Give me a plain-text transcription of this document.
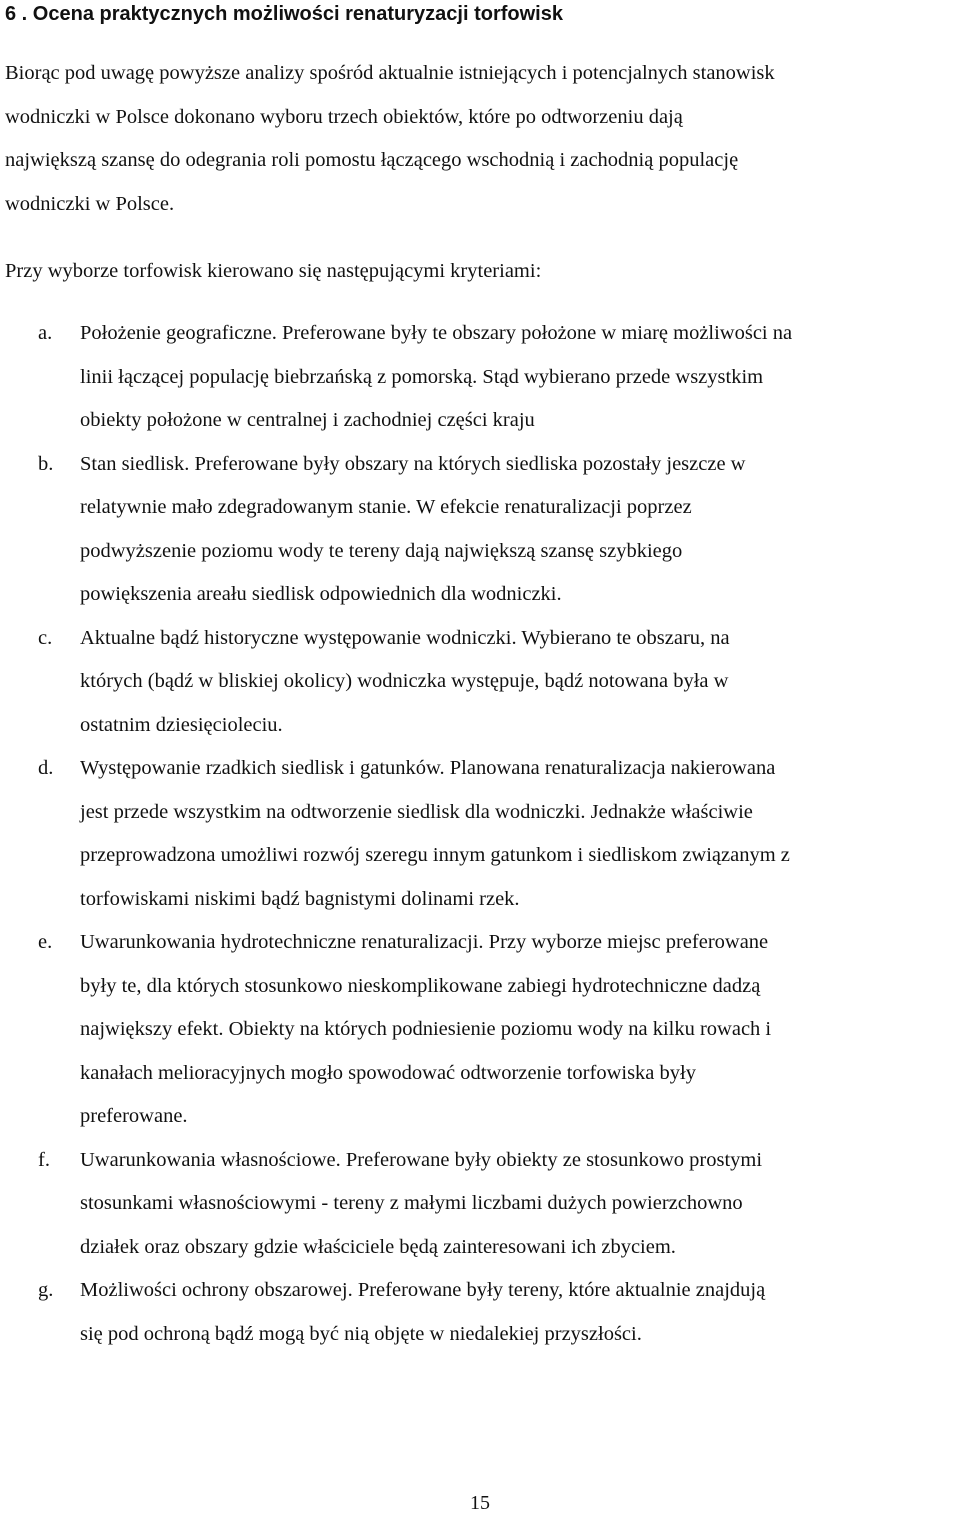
6 . Ocena praktycznych możliwości renaturyzacji torfowisk
Biorąc pod uwagę powyższe analizy spośród aktualnie istniejących i potencjalnych stanowisk
wodniczki w Polsce dokonano wyboru trzech obiektów, które po odtworzeniu dają
największą szansę do odegrania roli pomostu łączącego wschodnią i zachodnią populację
wodniczki w Polsce.
Przy wyborze torfowisk kierowano się następującymi kryteriami:
a. Położenie geograficzne. Preferowane były te obszary położone w miarę możliwości na
linii łączącej populację biebrzańską z pomorską. Stąd wybierano przede wszystkim
obiekty położone w centralnej i zachodniej części kraju
b. Stan siedlisk. Preferowane były obszary na których siedliska pozostały jeszcze w
relatywnie mało zdegradowanym stanie. W efekcie renaturalizacji poprzez
podwyższenie poziomu wody te tereny dają największą szansę szybkiego
powiększenia areału siedlisk odpowiednich dla wodniczki.
c. Aktualne bądź historyczne występowanie wodniczki. Wybierano te obszaru, na
których (bądź w bliskiej okolicy) wodniczka występuje, bądź notowana była w
ostatnim dziesięcioleciu.
d. Występowanie rzadkich siedlisk i gatunków. Planowana renaturalizacja nakierowana
jest przede wszystkim na odtworzenie siedlisk dla wodniczki. Jednakże właściwie
przeprowadzona umożliwi rozwój szeregu innym gatunkom i siedliskom związanym z
torfowiskami niskimi bądź bagnistymi dolinami rzek.
e. Uwarunkowania hydrotechniczne renaturalizacji. Przy wyborze miejsc preferowane
były te, dla których stosunkowo nieskomplikowane zabiegi hydrotechniczne dadzą
największy efekt. Obiekty na których podniesienie poziomu wody na kilku rowach i
kanałach melioracyjnych mogło spowodować odtworzenie torfowiska były
preferowane.
f. Uwarunkowania własnościowe. Preferowane były obiekty ze stosunkowo prostymi
stosunkami własnościowymi - tereny z małymi liczbami dużych powierzchowno
działek oraz obszary gdzie właściciele będą zainteresowani ich zbyciem.
g. Możliwości ochrony obszarowej. Preferowane były tereny, które aktualnie znajdują
się pod ochroną bądź mogą być nią objęte w niedalekiej przyszłości.
15
